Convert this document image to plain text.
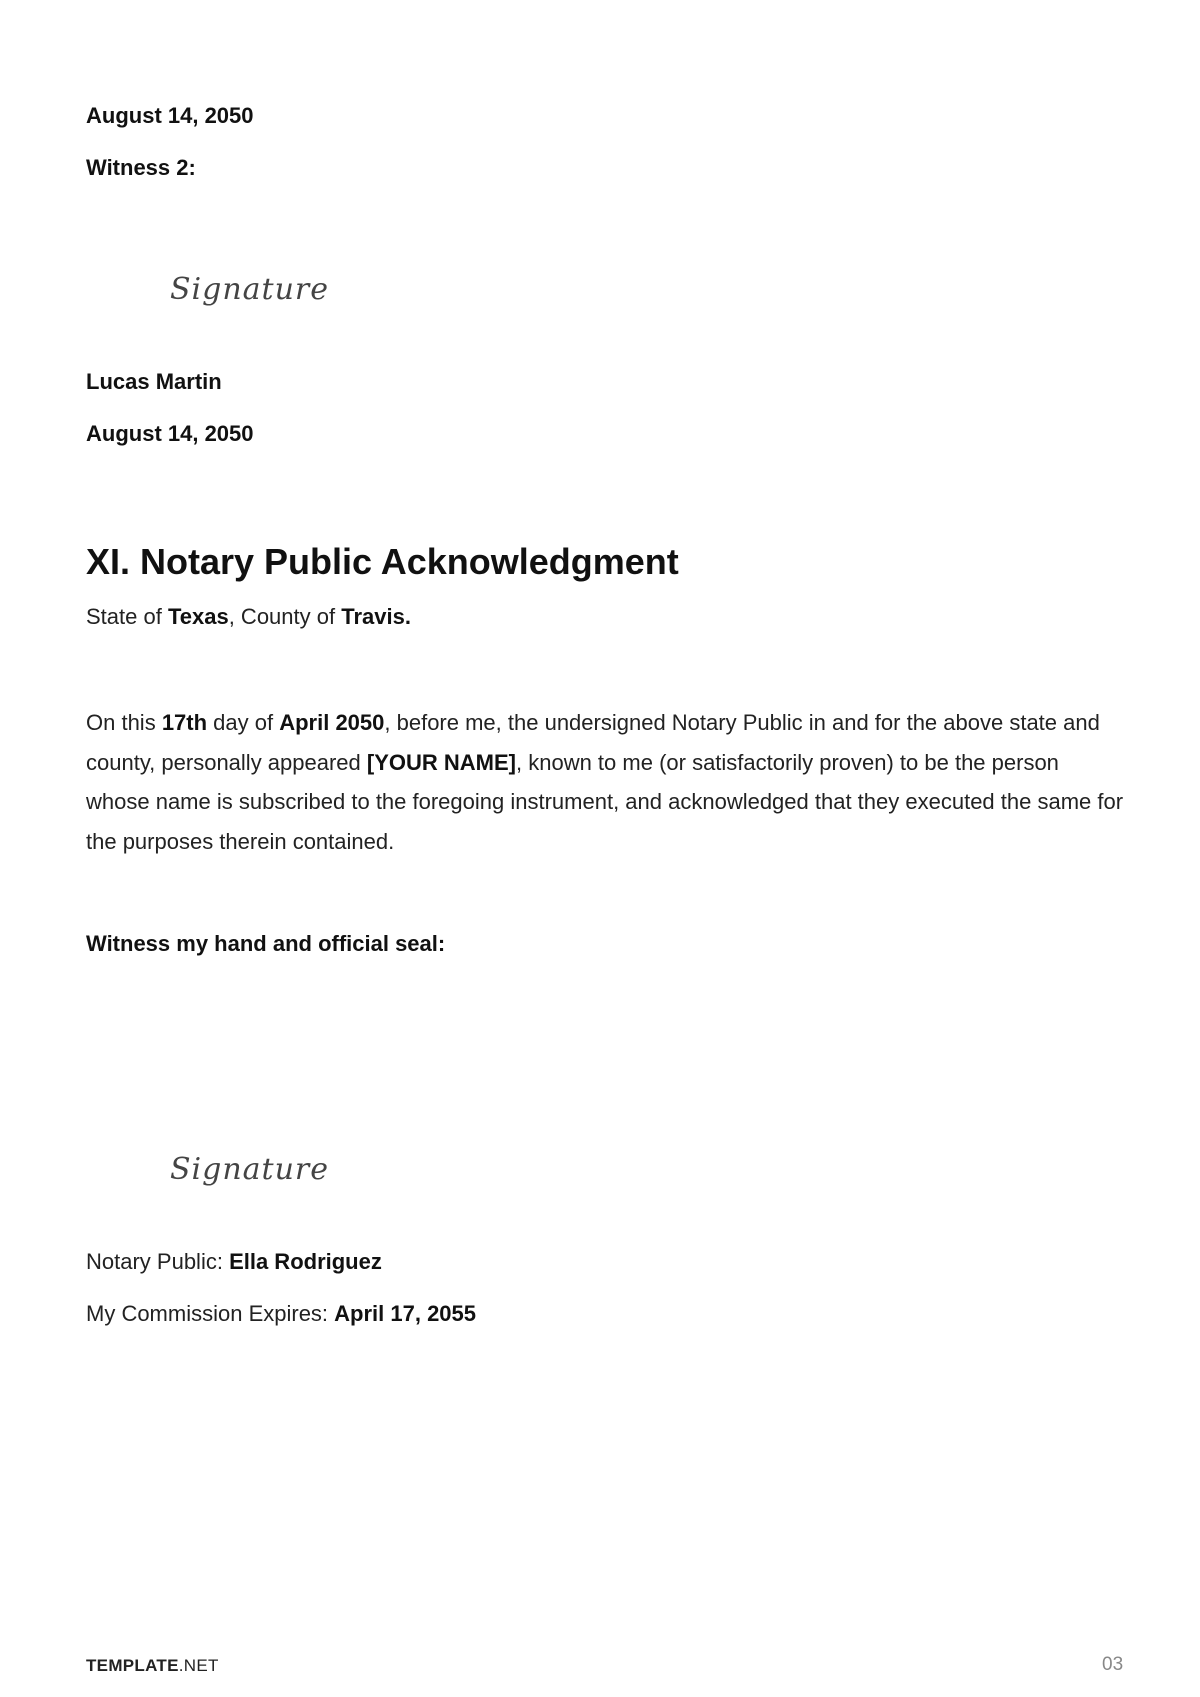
August 14, 2050

Witness 2:

Signature

Lucas Martin

August 14, 2050

XI. Notary Public Acknowledgment

State of Texas, County of Travis.

On this 17th day of April 2050, before me, the undersigned Notary Public in and for the above state and county, personally appeared [YOUR NAME], known to me (or satisfactorily proven) to be the person whose name is subscribed to the foregoing instrument, and acknowledged that they executed the same for the purposes therein contained.

Witness my hand and official seal:

Signature

Notary Public: Ella Rodriguez

My Commission Expires: April 17, 2055

TEMPLATE.NET	03
